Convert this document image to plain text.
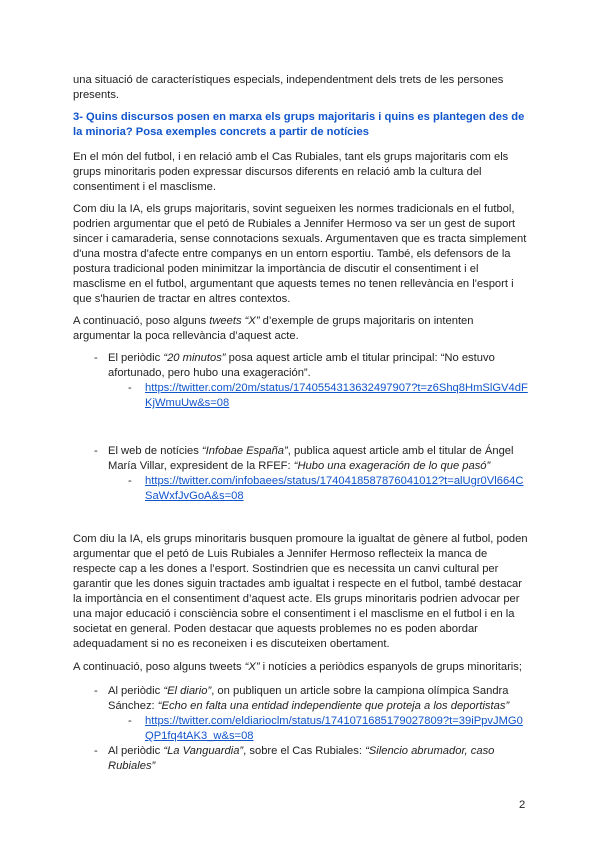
una situació de característiques especials, independentment dels trets de les persones
presents.
3- Quins discursos posen en marxa els grups majoritaris i quins es plantegen des de
la minoria? Posa exemples concrets a partir de notícies
En el món del futbol, i en relació amb el Cas Rubiales, tant els grups majoritaris com els
grups minoritaris poden expressar discursos diferents en relació amb la cultura del
consentiment i el masclisme.
Com diu la IA, els grups majoritaris, sovint segueixen les normes tradicionals en el futbol,
podrien argumentar que el petó de Rubiales a Jennifer Hermoso va ser un gest de suport
sincer i camaraderia, sense connotacions sexuals. Argumentaven que es tracta simplement
d'una mostra d'afecte entre companys en un entorn esportiu. També, els defensors de la
postura tradicional poden minimitzar la importància de discutir el consentiment i el
masclisme en el futbol, argumentant que aquests temes no tenen rellevància en l'esport i
que s'haurien de tractar en altres contextos.
A continuació, poso alguns tweets “X” d’exemple de grups majoritaris on intenten
argumentar la poca rellevància d’aquest acte.
- El periòdic “20 minutos” posa aquest article amb el titular principal: “No estuvo
afortunado, pero hubo una exageración”.
- https://twitter.com/20m/status/1740554313632497907?t=z6Shq8HmSlGV4dF
KjWmuUw&s=08
- El web de notícies “Infobae España”, publica aquest article amb el titular de Ángel
María Villar, expresident de la RFEF: “Hubo una exageración de lo que pasó”
- https://twitter.com/infobaees/status/1740418587876041012?t=alUgr0Vl664C
SaWxfJvGoA&s=08
Com diu la IA, els grups minoritaris busquen promoure la igualtat de gènere al futbol, poden
argumentar que el petó de Luis Rubiales a Jennifer Hermoso reflecteix la manca de
respecte cap a les dones a l’esport. Sostindrien que es necessita un canvi cultural per
garantir que les dones siguin tractades amb igualtat i respecte en el futbol, també destacar
la importància en el consentiment d’aquest acte. Els grups minoritaris podrien advocar per
una major educació i consciència sobre el consentiment i el masclisme en el futbol i en la
societat en general. Poden destacar que aquests problemes no es poden abordar
adequadament si no es reconeixen i es discuteixen obertament.
A continuació, poso alguns tweets “X” i notícies a periòdics espanyols de grups minoritaris;
- Al periòdic “El diario”, on publiquen un article sobre la campiona olímpica Sandra
Sánchez: “Echo en falta una entidad independiente que proteja a los deportistas”
- https://twitter.com/eldiarioclm/status/1741071685179027809?t=39iPpvJMG0
QP1fq4tAK3_w&s=08
- Al periòdic “La Vanguardia”, sobre el Cas Rubiales: “Silencio abrumador, caso
Rubiales”
2
